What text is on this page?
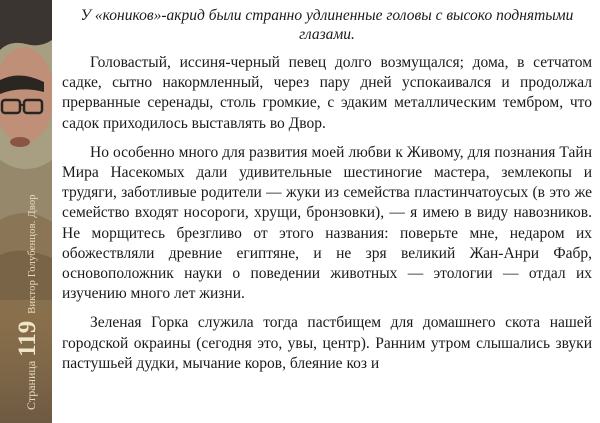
Страница
119
Виктор Голубенцов. Двор

У «коников»-акрид были странно удлиненные головы с высоко поднятыми глазами.

Головастый, иссиня-черный певец долго возмущался; дома, в сетчатом садке, сытно накормленный, через пару дней успокаивался и продолжал прерванные серенады, столь громкие, с эдаким металлическим тембром, что садок приходилось выставлять во Двор.

Но особенно много для развития моей любви к Живому, для познания Тайн Мира Насекомых дали удивительные шестиногие мастера, землекопы и трудяги, заботливые родители — жуки из семейства пластинчатоусых (в это же семейство входят носороги, хрущи, бронзовки), — я имею в виду навозников. Не морщитесь брезгливо от этого названия: поверьте мне, недаром их обожествляли древние египтяне, и не зря великий Жан-Анри Фабр, основоположник науки о поведении животных — этологии — отдал их изучению много лет жизни.

Зеленая Горка служила тогда пастбищем для домашнего скота нашей городской окраины (сегодня это, увы, центр). Ранним утром слышались звуки пастушьей дудки, мычание коров, блеяние коз и
